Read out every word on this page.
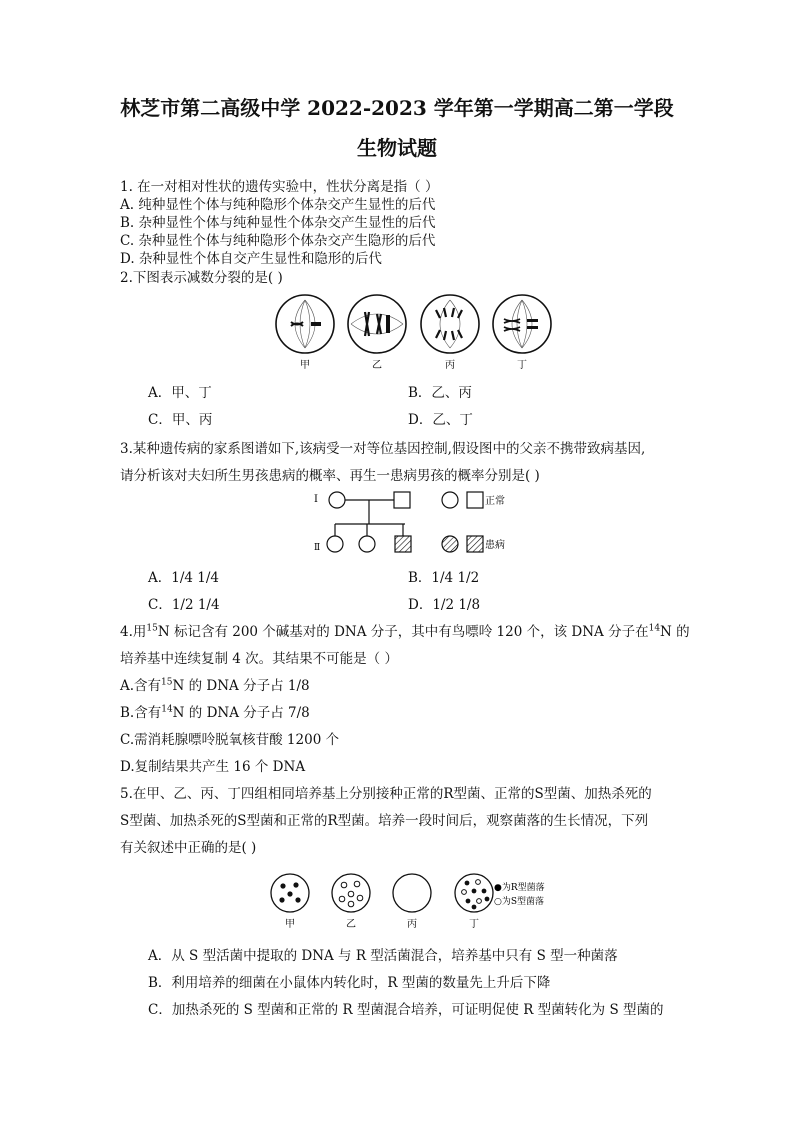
林芝市第二高级中学 2022-2023 学年第一学期高二第一学段
生物试题
1. 在一对相对性状的遗传实验中，性状分离是指（ ）
A. 纯种显性个体与纯种隐形个体杂交产生显性的后代
B. 杂种显性个体与纯种显性个体杂交产生显性的后代
C. 杂种显性个体与纯种隐形个体杂交产生隐形的后代
D. 杂种显性个体自交产生显性和隐形的后代
2.下图表示减数分裂的是( )
甲	乙	丙	丁
A．甲、丁	B．乙、丙
C．甲、丙	D．乙、丁
3.某种遗传病的家系图谱如下,该病受一对等位基因控制,假设图中的父亲不携带致病基因,
请分析该对夫妇所生男孩患病的概率、再生一患病男孩的概率分别是( )
Ⅰ
Ⅱ
正常
患病
A．1/4 1/4	B．1/4 1/2
C．1/2 1/4	D．1/2 1/8
4.用$^{15}$N 标记含有 200 个碱基对的 DNA 分子，其中有鸟嘌呤 120 个，该 DNA 分子在$^{14}$N 的
培养基中连续复制 4 次。其结果不可能是（ ）
A.含有$^{15}$N 的 DNA 分子占 1/8
B.含有$^{14}$N 的 DNA 分子占 7/8
C.需消耗腺嘌呤脱氧核苷酸 1200 个
D.复制结果共产生 16 个 DNA
5.在甲、乙、丙、丁四组相同培养基上分别接种正常的R型菌、正常的S型菌、加热杀死的
S型菌、加热杀死的S型菌和正常的R型菌。培养一段时间后，观察菌落的生长情况，下列
有关叙述中正确的是( )
甲	乙	丙	丁
●为R型菌落
○为S型菌落
A．从 S 型活菌中提取的 DNA 与 R 型活菌混合，培养基中只有 S 型一种菌落
B．利用培养的细菌在小鼠体内转化时，R 型菌的数量先上升后下降
C．加热杀死的 S 型菌和正常的 R 型菌混合培养，可证明促使 R 型菌转化为 S 型菌的
